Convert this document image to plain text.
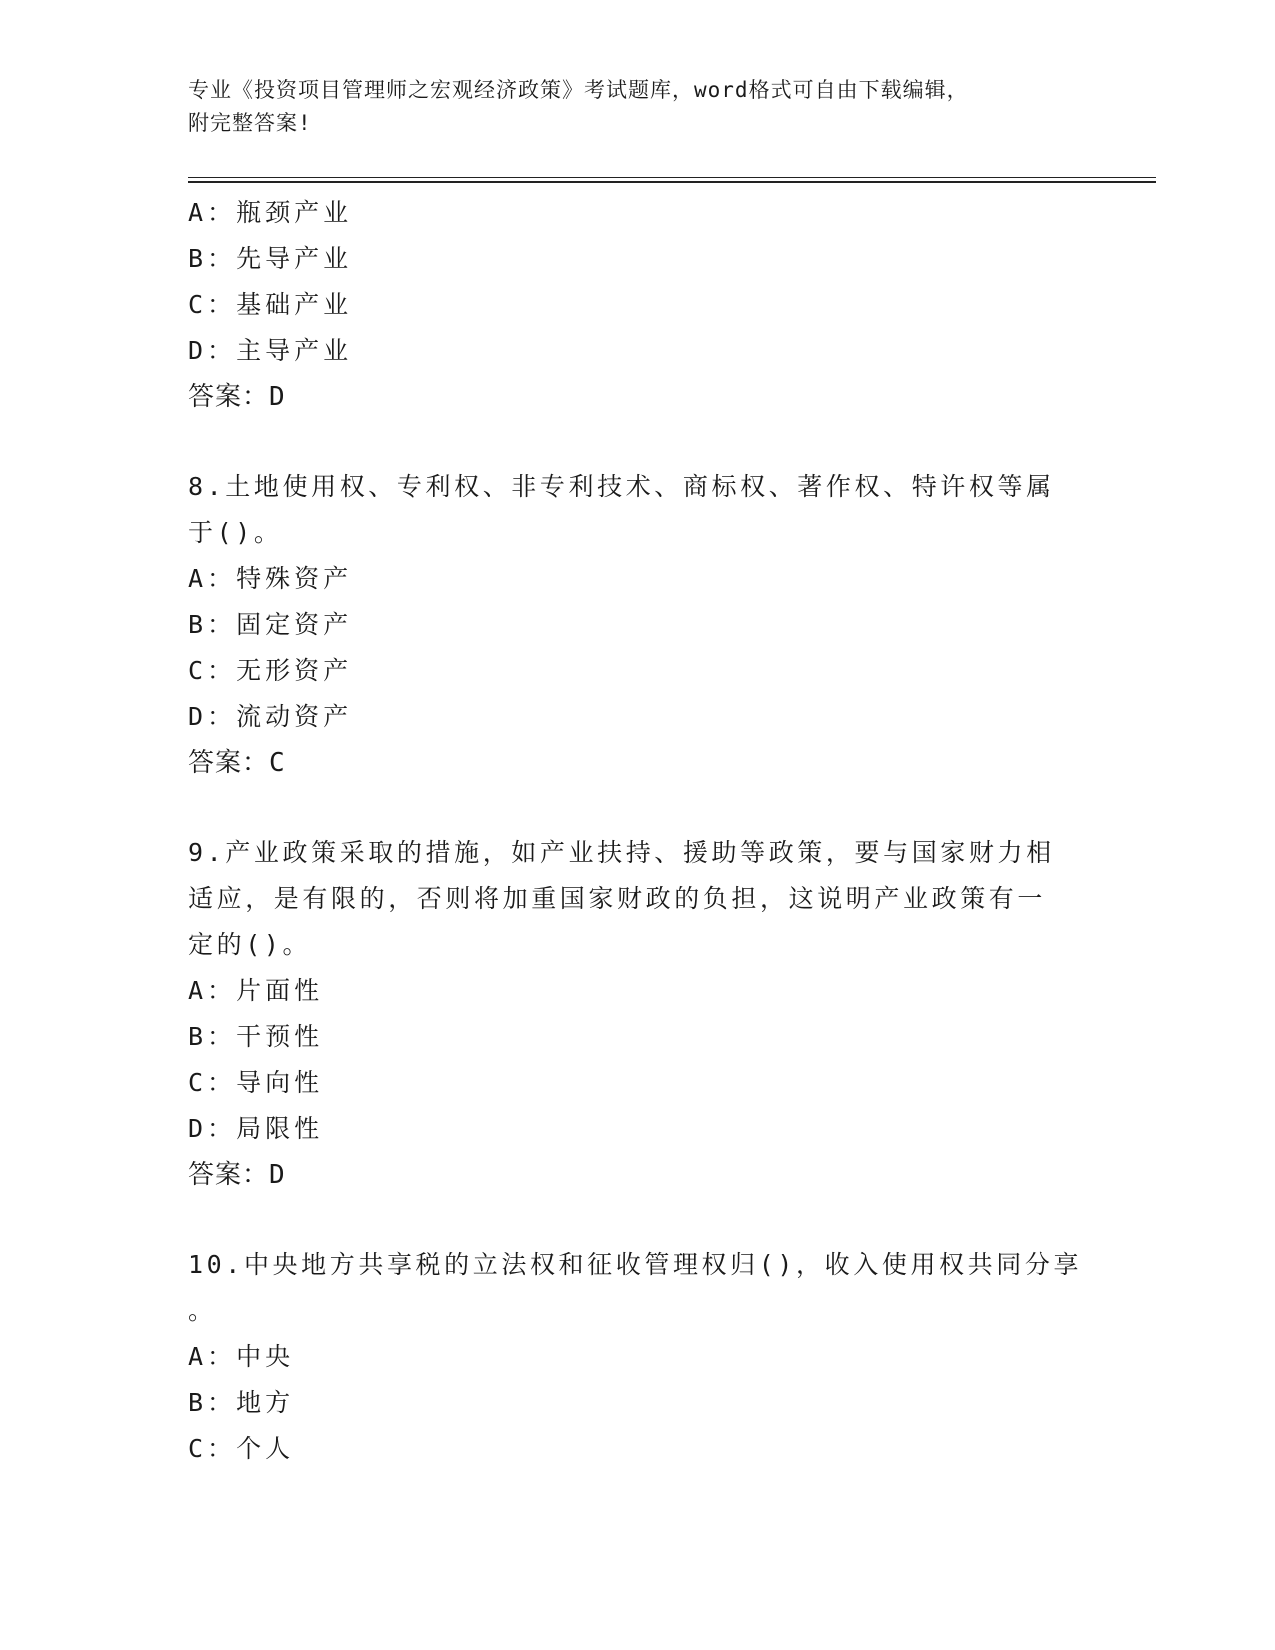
专业《投资项目管理师之宏观经济政策》考试题库，word格式可自由下载编辑，
附完整答案!
A：瓶颈产业
B：先导产业
C：基础产业
D：主导产业
答案：D
8.土地使用权、专利权、非专利技术、商标权、著作权、特许权等属
于()。
A：特殊资产
B：固定资产
C：无形资产
D：流动资产
答案：C
9.产业政策采取的措施，如产业扶持、援助等政策，要与国家财力相
适应，是有限的，否则将加重国家财政的负担，这说明产业政策有一
定的()。
A：片面性
B：干预性
C：导向性
D：局限性
答案：D
10.中央地方共享税的立法权和征收管理权归()，收入使用权共同分享
。
A：中央
B：地方
C：个人
